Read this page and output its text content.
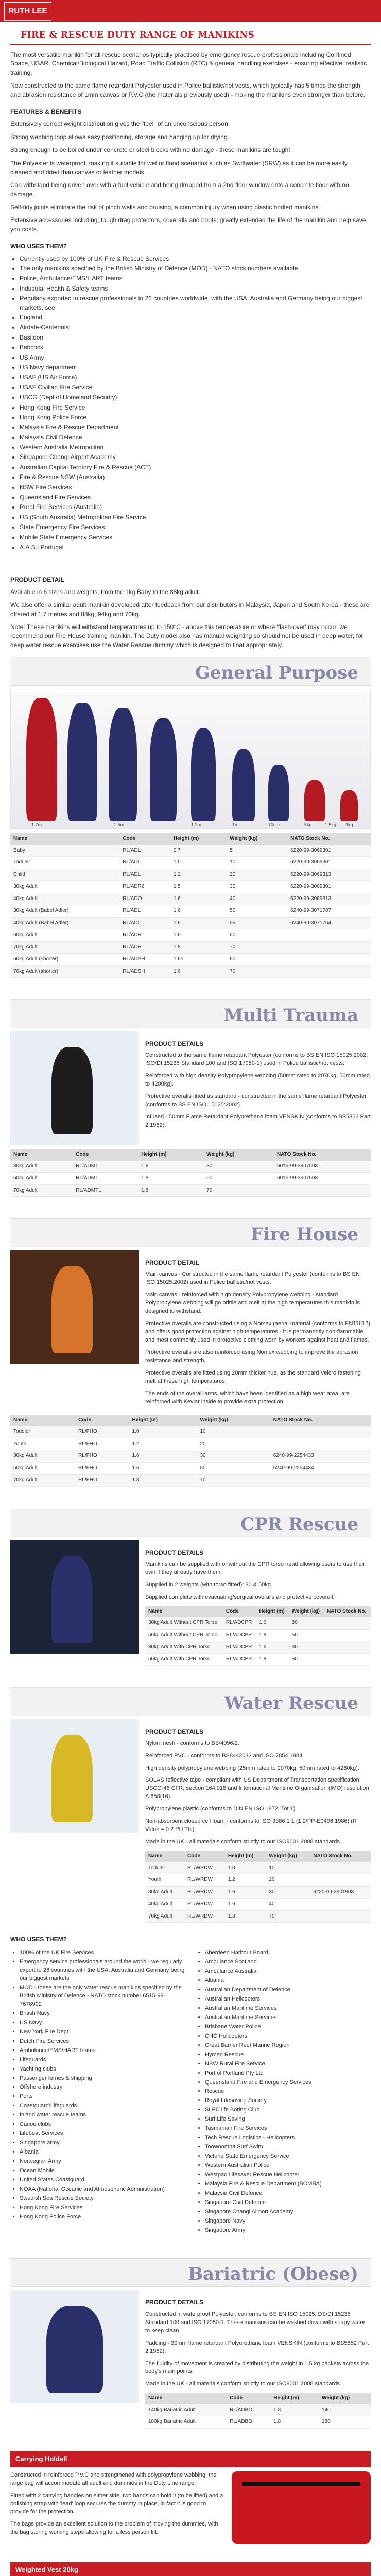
RUTH LEE
FIRE & RESCUE DUTY RANGE OF MANIKINS

The most versatile manikin for all rescue scenarios typically practised by emergency rescue professionals including Confined Space, USAR, Chemical/Biological Hazard, Road Traffic Collision (RTC) & general handling exercises - ensuring effective, realistic training.

Now constructed to the same flame retardant Polyester used in Police ballistic/riot vests, which typically has 5 times the strength and abrasion resistance of 1mm canvas or P.V.C (the materials previously used) - making the manikins even stronger than before.

FEATURES & BENEFITS

Extensively correct weight distribution gives the "feel" of an unconscious person.

Strong webbing loop allows easy positioning, storage and hanging up for drying.

Strong enough to be boiled under concrete or steel blocks with no damage - these manikins are tough!

The Polyester is waterproof, making it suitable for wet or flood scenarios such as Swiftwater (SRW) as it can be more easily cleaned and dried than canvas or leather models.

Can withstand being driven over with a fuel vehicle and being dropped from a 2nd floor window onto a concrete floor with no damage.

Self-tidy joints eliminate the risk of pinch wells and bruising, a common injury when using plastic bodied manikins.

Extensive accessories including; tough drag protectors, coveralls and boots; greatly extended the life of the manikin and help save you costs.

WHO USES THEM?
• Currently used by 100% of UK Fire & Rescue Services
• The only manikins specified by the British Ministry of Defence (MOD) - NATO stock numbers available
• Police, Ambulance/EMS/HART teams
• Industrial Health & Safety teams
• Regularly exported to rescue professionals in 26 countries worldwide, with the USA, Australia and Germany being our biggest markets, see:
• England
• Airdale-Centennial
• Basildon
• Babcock
• US Army
• US Navy department
• USAF (US Air Force)
• USAF Civilian Fire Service
• USCG (Dept of Homeland Security)
• Hong Kong Fire Service
• Hong Kong Police Force
• Malaysia Fire & Rescue Department
• Malaysia Civil Defence
• Western Australia Metropolitan
• Singapore Changi Airport Academy
• Australian Capital Territory Fire & Rescue (ACT)
• Fire & Rescue NSW (Australia)
• NSW Fire Services
• Queensland Fire Services
• Rural Fire Services (Australia)
• US (South Australia) Metropolitan Fire Service
• State Emergency Fire Services
• Mobile State Emergency Services
• A.A.S.I Portugal
PRODUCT DETAIL

Available in 6 sizes and weights, from the 1kg Baby to the 88kg adult.

We also offer a similar adult manikin developed after feedback from our distributors in Malaysia, Japan and South Korea - these are offered at 1.7 metres and 88kg, 94kg and 70kg.

Note: These manikins will withstand temperatures up to 150°C - above this temperature or where 'flash-over' may occur, we recommend our Fire House training manikin. The Duty model also has manual weighting so should not be used in deep water, for deep water rescue exercises use the Water Rescue dummy which is designed to float appropriately.

General Purpose
1.7m	1.5m	1.2m	1m	70cm	5kg	1.5kg 3kg
Name	Code	Height (m)	Weight (kg)	NATO Stock No.
Baby	RL/ADL	0.7	5	6220-99-3069301
Toddler	RL/ADL	1.0	10	6220-99-3069301
Child	RL/ADL	1.2	20	6220-99-3069313
30kg Adult	RL/ADR6	1.5	30	6220-99-3069301
40kg Adult	RL/ADO	1.6	40	6220-99-3069313
30kg Adult (Babel Adler)	RL/ADL	1.6	50	6240-99-3071787
40kg Adult (Babel Adler)	RL/ADL	1.6	55	6240-99-3071764
60kg Adult	RL/ADR	1.6	60	
70kg Adult	RL/ADR	1.8	70	
60kg Adult (shorter)	RL/ADSH	1.65	60	
70kg Adult (shorter)	RL/ADSH	1.6	70	
Multi Trauma
PRODUCT DETAILS

Constructed to the same flame retardant Polyester (conforms to BS EN ISO 15025:2002, ISO/DI 15236 Standard 100 and ISO 17050-1) used in Police ballistic/riot vests.

Reinforced with high density Polypropylene webbing (50mm rated to 2070kg, 50mm rated to 4280kg).

Protective overalls fitted as standard - constructed in the same flame retardant Polyester (conforms to BS EN ISO 15025:2002).

Infused - 50mm Flame Retardant Polyurethane foam VENSKIN (conforms to BS5852 Part 2 1982).

Name	Code	Height (m)	Weight (kg)	NATO Stock No.
30kg Adult	RL/ADMT	1.6	30	6015-99-3907503
50kg Adult	RL/ADMT	1.8	50	6015-99-3907503
70kg Adult	RL/ADMTL	1.8	70	
Fire House
PRODUCT DETAIL

Main canvas - Constructed in the same flame retardant Polyester (conforms to BS EN ISO 15025:2002) used in Police ballistic/riot vests.

Main canvas - reinforced with high density Polypropylene webbing - standard Polypropylene webbing will go brittle and melt at the high temperatures this manikin is designed to withstand.

Protective overalls are constructed using a Nomex (aerial material (conforms to EN11612) and offers good protection against high temperatures - it is permanently non-flammable and most commonly used in protective clothing worn by workers against heat and flames.

Protective overalls are also reinforced using Nomex webbing to improve the abrasion resistance and strength.

Protective overalls are fitted using 20mm thicker hue, as the standard Velcro fastening melt at these high temperatures.

The ends of the overall arms, which have been identified as a high wear area, are reinforced with Kevlar inside to provide extra protection.

Name	Code	Height (m)	Weight (kg)	NATO Stock No.
Toddler	RL/FHO	1.0	10	
Youth	RL/FHO	1.2	20	
30kg Adult	RL/FHO	1.6	30	6240-99-2254433
50kg Adult	RL/FHO	1.6	50	6240-99-2254434
70kg Adult	RL/FHO	1.8	70	
CPR Rescue
PRODUCT DETAILS

Manikins can be supplied with or without the CPR torso head allowing users to use their own if they already have them.

Supplied in 2 weights (with torso fitted): 30 & 50kg.

Supplied complete with evacuating/surgical overalls and protective coverall.

Name	Code	Height (m)	Weight (kg)	NATO Stock No.
30kg Adult Without CPR Torso	RL/ADCPR	1.6	30	
50kg Adult Without CPR Torso	RL/ADCPR	1.8	50	
30kg Adult With CPR Torso	RL/ADCPR	1.6	30	
50kg Adult With CPR Torso	RL/ADCPR	1.8	50	
Water Rescue
PRODUCT DETAILS

Nylon mesh - conforms to BS/4096/2.

Reinforced PVC - conforms to BS8442032 and ISO 7854 1984.

High density polypropylene webbing (25mm rated to 2070kg, 50mm rated to 4280kg).

SOLAS reflective tape - compliant with US Department of Transportation specification USCG-46 CFR, section 164.018 and International Maritime Organisation (IMO) resolution A.658(16).

Polypropylene plastic (conforms to DIN EN ISO 1872, Tot 1).

Non-absorbent closed cell foam - conforms to ISO 3386 1 1 (1.2/PP-E0406 1986) (R Value = 0.2 PU Thi).

Made in the UK - all materials conform strictly to our ISO9001:2008 standards.

Name	Code	Height (m)	Weight (kg)	NATO Stock No.
Toddler	RL/WRDW	1.0	10	
Youth	RL/WRDW	1.2	20	
30kg Adult	RL/WRDW	1.6	30	6220-99-3901903
40kg Adult	RL/WRDW	1.6	40	
70kg Adult	RL/WRDW	1.8	70	
WHO USES THEM?
• 100% of the UK Fire Services
• Emergency service professionals around the world - we regularly export to 26 countries with the USA, Australia and Germany being our biggest markets
• MOD - these are the only water rescue manikins specified by the British Ministry of Defence - NATO stock number 6515-99-7678902
• British Navy
• US Navy
• New York Fire Dept
• Dutch Fire Services
• Ambulance/EMS/HART teams
• Lifeguards
• Yachting clubs
• Passenger ferries & shipping
• Offshore industry
• Ports
• Coastguard/Lifeguards
• Inland water rescue teams
• Canoe clubs
• Lifeboat Services
• Singapore army
• Albania
• Norwegian Army
• Ocean Mobile
• United States Coastguard
• NOAA (National Oceanic and Atmospheric Administration)
• Swedish Sea Rescue Society
• Hong Kong Fire Services
• Hong Kong Police Force
• Aberdeen Harbour Board
• Ambulance Scotland
• Ambulance Australia
• Albania
• Australian Department of Defence
• Australian Helicopters
• Australian Maritime Services
• Australian Maritime Services
• Brisbane Water Police
• CHC Helicopters
• Great Barrier Reef Marine Region
• Hymen Rescue
• NSW Rural Fire Service
• Port of Portland Pty Ltd
• Queensland Fire and Emergency Services
• Rescue
• Royal Lifesaving Society
• SLPC life Boring Club
• Surf Life Saving
• Tasmanian Fire Services
• Tech Rescue Logistics - Helicopters
• Toowoomba Surf Swim
• Victoria State Emergency Service
• Western Australian Police
• Westpac Lifesaver Rescue Helicopter
• Malaysia Fire & Rescue Department (BOMBA)
• Malaysia Civil Defence
• Singapore Civil Defence
• Singapore Changi Airport Academy
• Singapore Navy
• Singapore Army
Bariatric (Obese)
PRODUCT DETAILS

Constructed in waterproof Polyester, conforms to BS EN ISO 15025, DS/DI 15236 Standard 100 and ISO 17050-1. These manikins can be washed down with soapy water to keep clean.

Padding - 30mm flame retardant Polyurethane foam VENSKIN (conforms to BS5852 Part 2 1982).

The fluidity of movement is created by distributing the weight in 1.5 kg packets across the body's main points.

Made in the UK - all materials conform strictly to our ISO9001:2008 standards.

Name	Code	Height (m)	Weight (kg)
140kg Bariatric Adult	RL/ADBO	1.8	140
180kg Bariatric Adult	RL/ADBO	1.8	180
Carrying Holdall

Constructed in reinforced P.V.C and strengthened with polypropylene webbing, the large bag will accommodate all adult and dummies in the Duty Line range.

Fitted with 2 carrying handles on either side, two hands can hold it (to be lifted) and a polishing strap with 'lead' loop secures the dummy in place, in fact it is good to provide for the protection.

The bags provide an excellent solution to the problem of moving the dummies, with the bag storing working steps allowing for a less person lift.

Weighted Vest 20kg
